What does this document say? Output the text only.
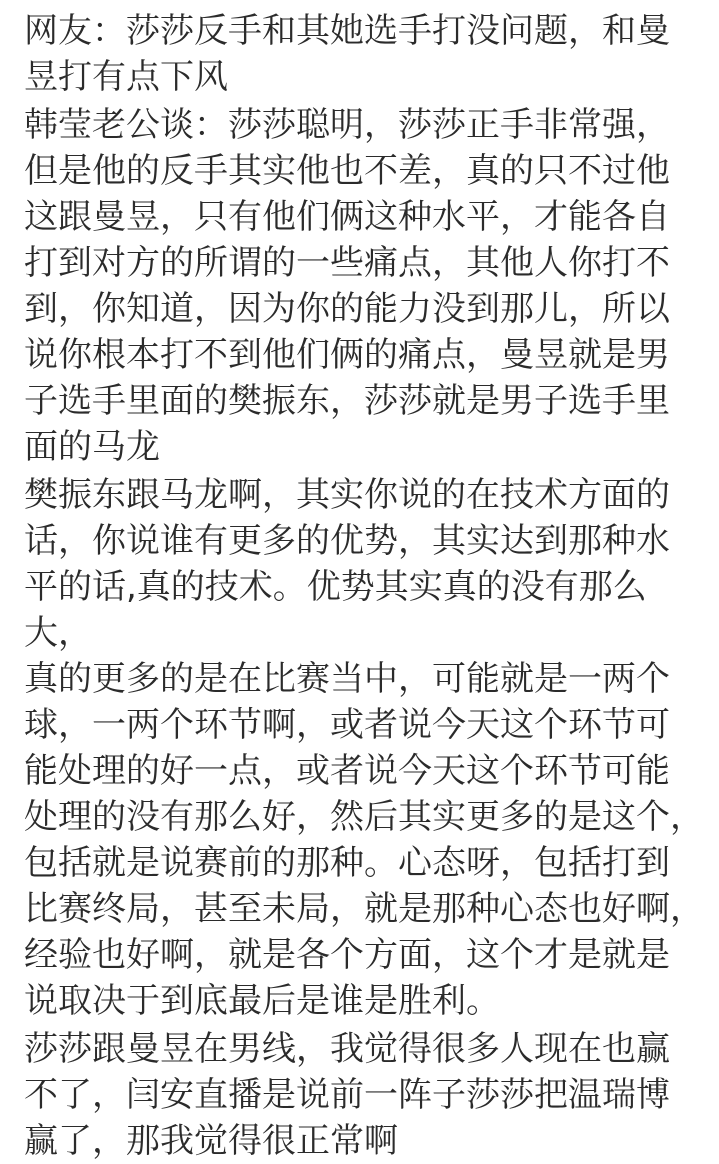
网友：莎莎反手和其她选手打没问题，和曼
昱打有点下风

韩莹老公谈：莎莎聪明，莎莎正手非常强，
但是他的反手其实他也不差，真的只不过他
这跟曼昱，只有他们俩这种水平，才能各自
打到对方的所谓的一些痛点，其他人你打不
到，你知道，因为你的能力没到那儿，所以
说你根本打不到他们俩的痛点，曼昱就是男
子选手里面的樊振东，莎莎就是男子选手里
面的马龙

樊振东跟马龙啊，其实你说的在技术方面的
话，你说谁有更多的优势，其实达到那种水
平的话,真的技术。优势其实真的没有那么大，
真的更多的是在比赛当中，可能就是一两个
球，一两个环节啊，或者说今天这个环节可
能处理的好一点，或者说今天这个环节可能
处理的没有那么好，然后其实更多的是这个，
包括就是说赛前的那种。心态呀，包括打到
比赛终局，甚至未局，就是那种心态也好啊，
经验也好啊，就是各个方面，这个才是就是
说取决于到底最后是谁是胜利。

莎莎跟曼昱在男线，我觉得很多人现在也赢
不了，闫安直播是说前一阵子莎莎把温瑞博
赢了，那我觉得很正常啊
